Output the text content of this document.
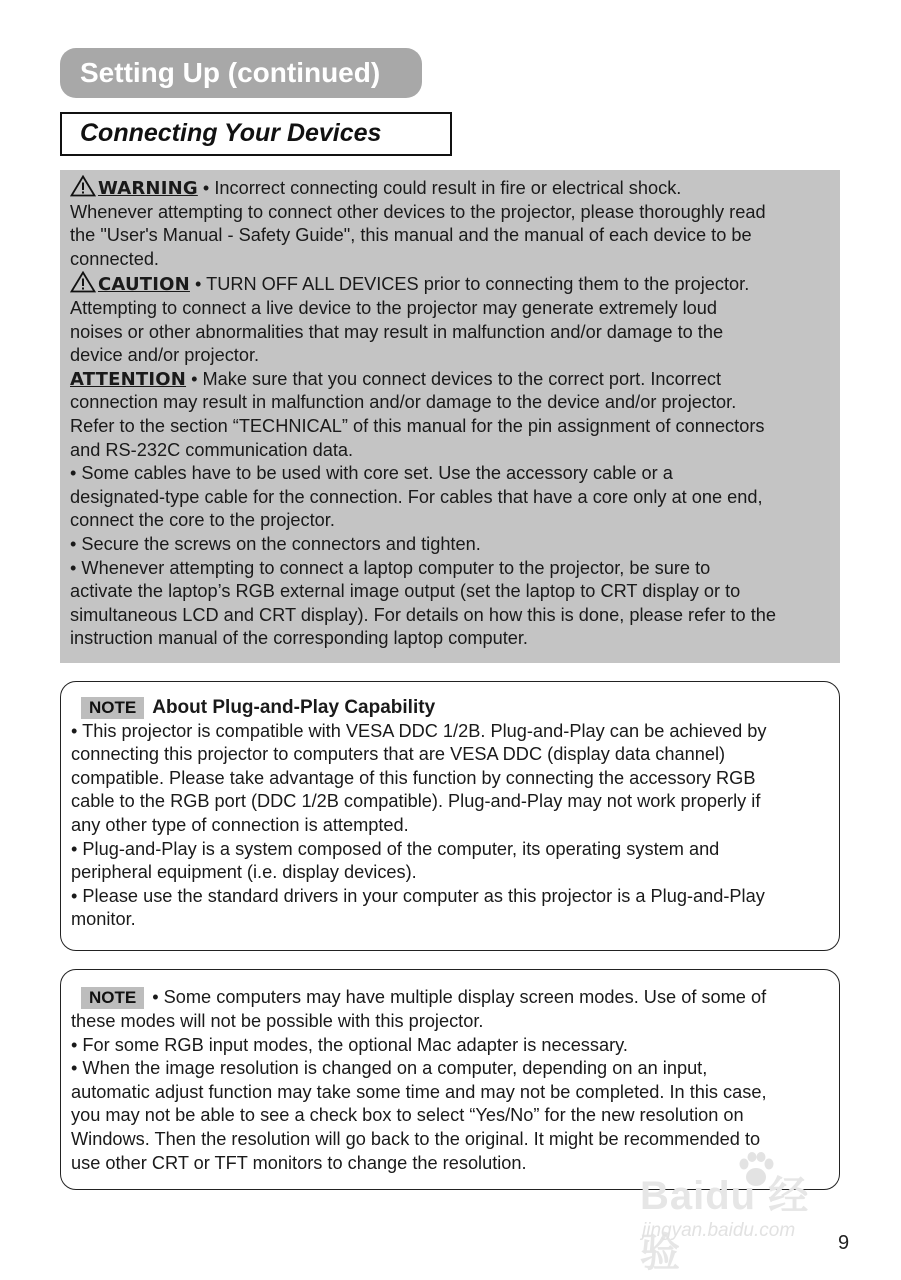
Setting Up (continued)
Connecting Your Devices

WARNING • Incorrect connecting could result in fire or electrical shock.
Whenever attempting to connect other devices to the projector, please thoroughly read
the "User's Manual - Safety Guide", this manual and the manual of each device to be
connected.

CAUTION • TURN OFF ALL DEVICES prior to connecting them to the projector.
Attempting to connect a live device to the projector may generate extremely loud
noises or other abnormalities that may result in malfunction and/or damage to the
device and/or projector.

ATTENTION • Make sure that you connect devices to the correct port. Incorrect
connection may result in malfunction and/or damage to the device and/or projector.
Refer to the section “TECHNICAL” of this manual for the pin assignment of connectors
and RS-232C communication data.
• Some cables have to be used with core set. Use the accessory cable or a
designated-type cable for the connection. For cables that have a core only at one end,
connect the core to the projector.
• Secure the screws on the connectors and tighten.
• Whenever attempting to connect a laptop computer to the projector, be sure to
activate the laptop’s RGB external image output (set the laptop to CRT display or to
simultaneous LCD and CRT display). For details on how this is done, please refer to the
instruction manual of the corresponding laptop computer.

NOTE About Plug-and-Play Capability

• This projector is compatible with VESA DDC 1/2B. Plug-and-Play can be achieved by
connecting this projector to computers that are VESA DDC (display data channel)
compatible. Please take advantage of this function by connecting the accessory RGB
cable to the RGB port (DDC 1/2B compatible). Plug-and-Play may not work properly if
any other type of connection is attempted.
• Plug-and-Play is a system composed of the computer, its operating system and
peripheral equipment (i.e. display devices).
• Please use the standard drivers in your computer as this projector is a Plug-and-Play
monitor.

NOTE • Some computers may have multiple display screen modes. Use of some of

these modes will not be possible with this projector.
• For some RGB input modes, the optional Mac adapter is necessary.
• When the image resolution is changed on a computer, depending on an input,
automatic adjust function may take some time and may not be completed. In this case,
you may not be able to see a check box to select “Yes/No” for the new resolution on
Windows. Then the resolution will go back to the original. It might be recommended to
use other CRT or TFT monitors to change the resolution.

Baidu 经验
jingyan.baidu.com
9
